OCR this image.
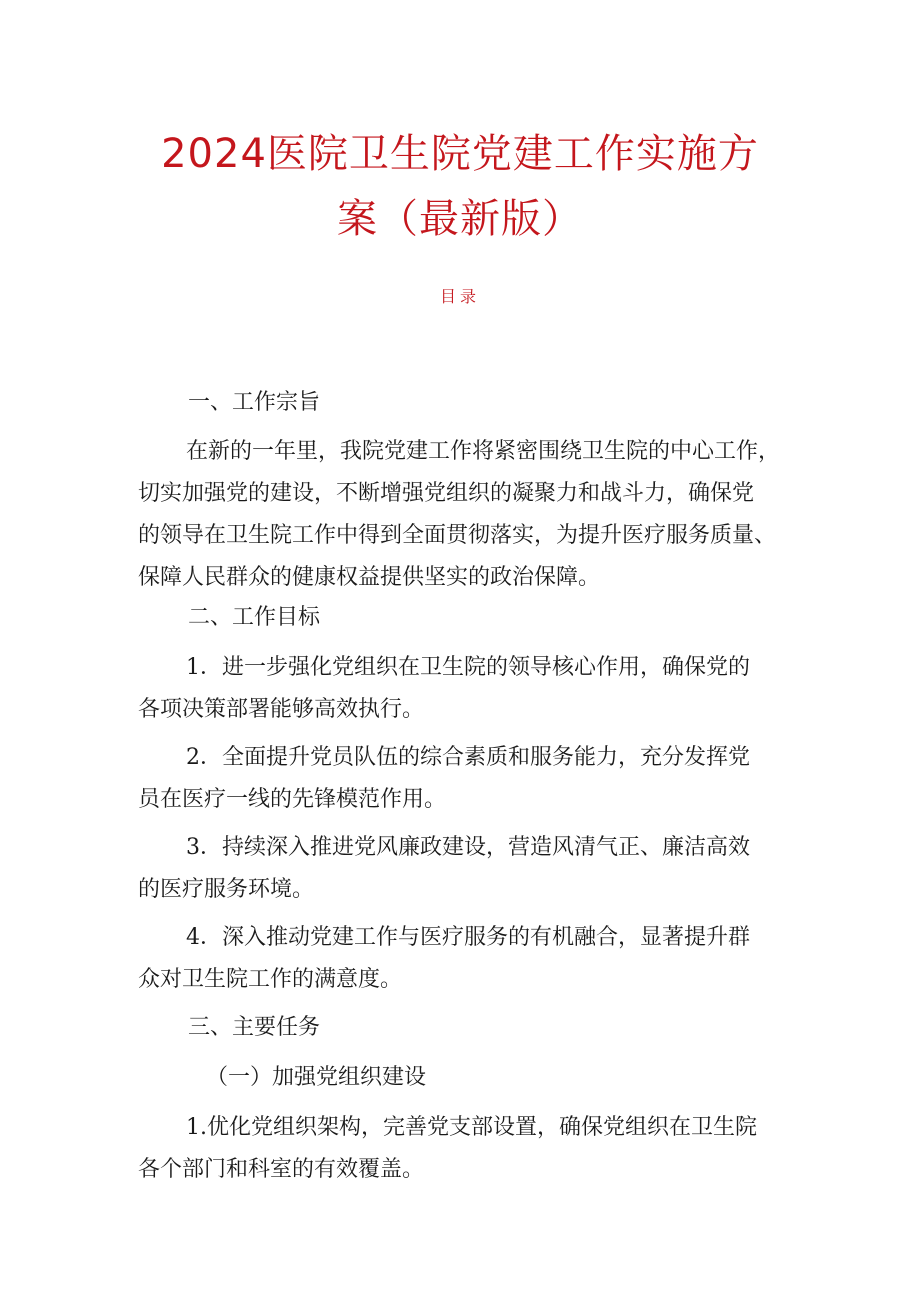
2024医院卫生院党建工作实施方
案（最新版）
目录
一、工作宗旨
在新的一年里，我院党建工作将紧密围绕卫生院的中心工作，
切实加强党的建设，不断增强党组织的凝聚力和战斗力，确保党
的领导在卫生院工作中得到全面贯彻落实，为提升医疗服务质量、
保障人民群众的健康权益提供坚实的政治保障。
二、工作目标
1．进一步强化党组织在卫生院的领导核心作用，确保党的
各项决策部署能够高效执行。
2．全面提升党员队伍的综合素质和服务能力，充分发挥党
员在医疗一线的先锋模范作用。
3．持续深入推进党风廉政建设，营造风清气正、廉洁高效
的医疗服务环境。
4．深入推动党建工作与医疗服务的有机融合，显著提升群
众对卫生院工作的满意度。
三、主要任务
（一）加强党组织建设
1.优化党组织架构，完善党支部设置，确保党组织在卫生院
各个部门和科室的有效覆盖。
